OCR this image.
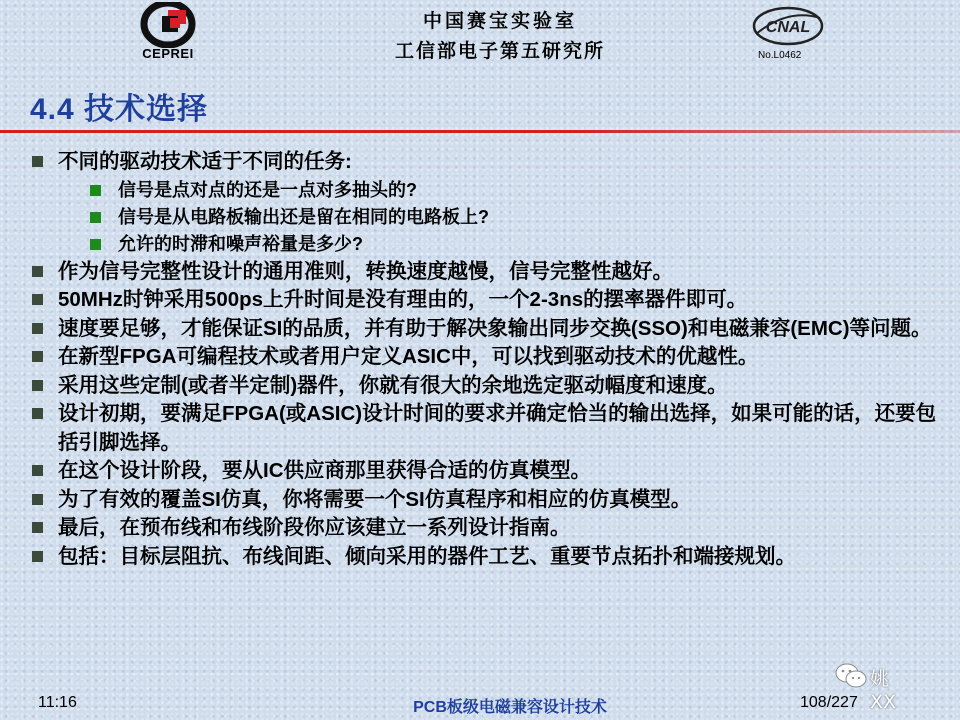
CEPREI
中国赛宝实验室
工信部电子第五研究所
CNAL
No.L0462
4.4 技术选择
不同的驱动技术适于不同的任务:
信号是点对点的还是一点对多抽头的?
信号是从电路板输出还是留在相同的电路板上?
允许的时滞和噪声裕量是多少?
作为信号完整性设计的通用准则，转换速度越慢，信号完整性越好。
50MHz时钟采用500ps上升时间是没有理由的，一个2-3ns的摆率器件即可。
速度要足够，才能保证SI的品质，并有助于解决象输出同步交换(SSO)和电磁兼容(EMC)等问题。
在新型FPGA可编程技术或者用户定义ASIC中，可以找到驱动技术的优越性。
采用这些定制(或者半定制)器件，你就有很大的余地选定驱动幅度和速度。
设计初期，要满足FPGA(或ASIC)设计时间的要求并确定恰当的输出选择，如果可能的话，还要包括引脚选择。
在这个设计阶段，要从IC供应商那里获得合适的仿真模型。
为了有效的覆盖SI仿真，你将需要一个SI仿真程序和相应的仿真模型。
最后，在预布线和布线阶段你应该建立一系列设计指南。
包括：目标层阻抗、布线间距、倾向采用的器件工艺、重要节点拓扑和端接规划。
姚XX
11:16	PCB板级电磁兼容设计技术	108/227
